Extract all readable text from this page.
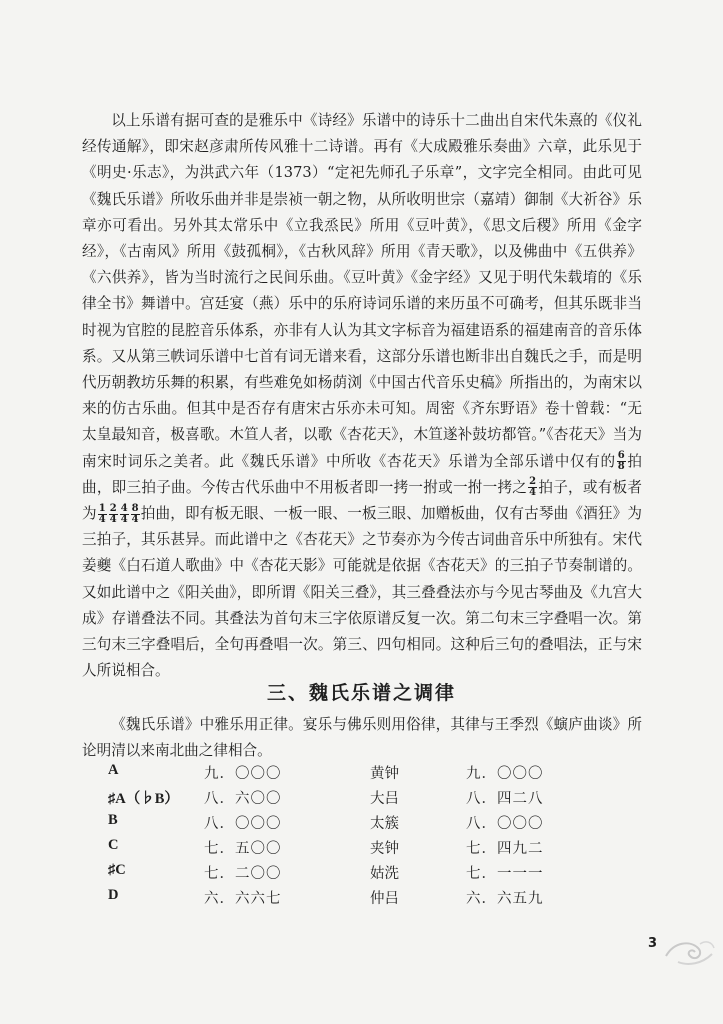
以上乐谱有据可查的是雅乐中《诗经》乐谱中的诗乐十二曲出自宋代朱熹的《仪礼经传通解》，即宋赵彦肃所传风雅十二诗谱。再有《大成殿雅乐奏曲》六章，此乐见于《明史·乐志》，为洪武六年（1373）“定祀先师孔子乐章”，文字完全相同。由此可见《魏氏乐谱》所收乐曲并非是崇祯一朝之物，从所收明世宗（嘉靖）御制《大祈谷》乐章亦可看出。另外其太常乐中《立我烝民》所用《豆叶黄》，《思文后稷》所用《金字经》，《古南风》所用《鼓孤桐》，《古秋风辞》所用《青天歌》，以及佛曲中《五供养》《六供养》，皆为当时流行之民间乐曲。《豆叶黄》《金字经》又见于明代朱载堉的《乐律全书》舞谱中。宫廷宴（燕）乐中的乐府诗词乐谱的来历虽不可确考，但其乐既非当时视为官腔的昆腔音乐体系，亦非有人认为其文字标音为福建语系的福建南音的音乐体系。又从第三帙词乐谱中七首有词无谱来看，这部分乐谱也断非出自魏氏之手，而是明代历朝教坊乐舞的积累，有些难免如杨荫浏《中国古代音乐史稿》所指出的，为南宋以来的仿古乐曲。但其中是否存有唐宋古乐亦未可知。周密《齐东野语》卷十曾载：“无太皇最知音，极喜歌。木笪人者，以歌《杏花天》，木笪遂补鼓坊都管。”《杏花天》当为南宋时词乐之美者。此《魏氏乐谱》中所收《杏花天》乐谱为全部乐谱中仅有的 $\frac{6}{8}$ 拍曲，即三拍子曲。今传古代乐曲中不用板者即一拷一拊或一拊一拷之 $\frac{2}{4}$ 拍子，或有板者为 $\frac{1}{4} \frac{2}{4} \frac{4}{4} \frac{8}{4}$ 拍曲，即有板无眼、一板一眼、一板三眼、加赠板曲，仅有古琴曲《酒狂》为三拍子，其乐甚异。而此谱中之《杏花天》之节奏亦为今传古词曲音乐中所独有。宋代姜夔《白石道人歌曲》中《杏花天影》可能就是依据《杏花天》的三拍子节奏制谱的。又如此谱中之《阳关曲》，即所谓《阳关三叠》，其三叠叠法亦与今见古琴曲及《九宫大成》存谱叠法不同。其叠法为首句末三字依原谱反复一次。第二句末三字叠唱一次。第三句末三字叠唱后，全句再叠唱一次。第三、四句相同。这种后三句的叠唱法，正与宋人所说相合。

三、魏氏乐谱之调律

《魏氏乐谱》中雅乐用正律。宴乐与佛乐则用俗律，其律与王季烈《螾庐曲谈》所论明清以来南北曲之律相合。

A	九．〇〇〇	黄钟	九．〇〇〇
♯A（♭B） 八．六〇〇	大吕	八．四二八
B	八．〇〇〇	太簇	八．〇〇〇
C	七．五〇〇	夹钟	七．四九二
♯C	七．二〇〇	姑洗	七．一一一
D	六．六六七	仲吕	六．六五九
3
